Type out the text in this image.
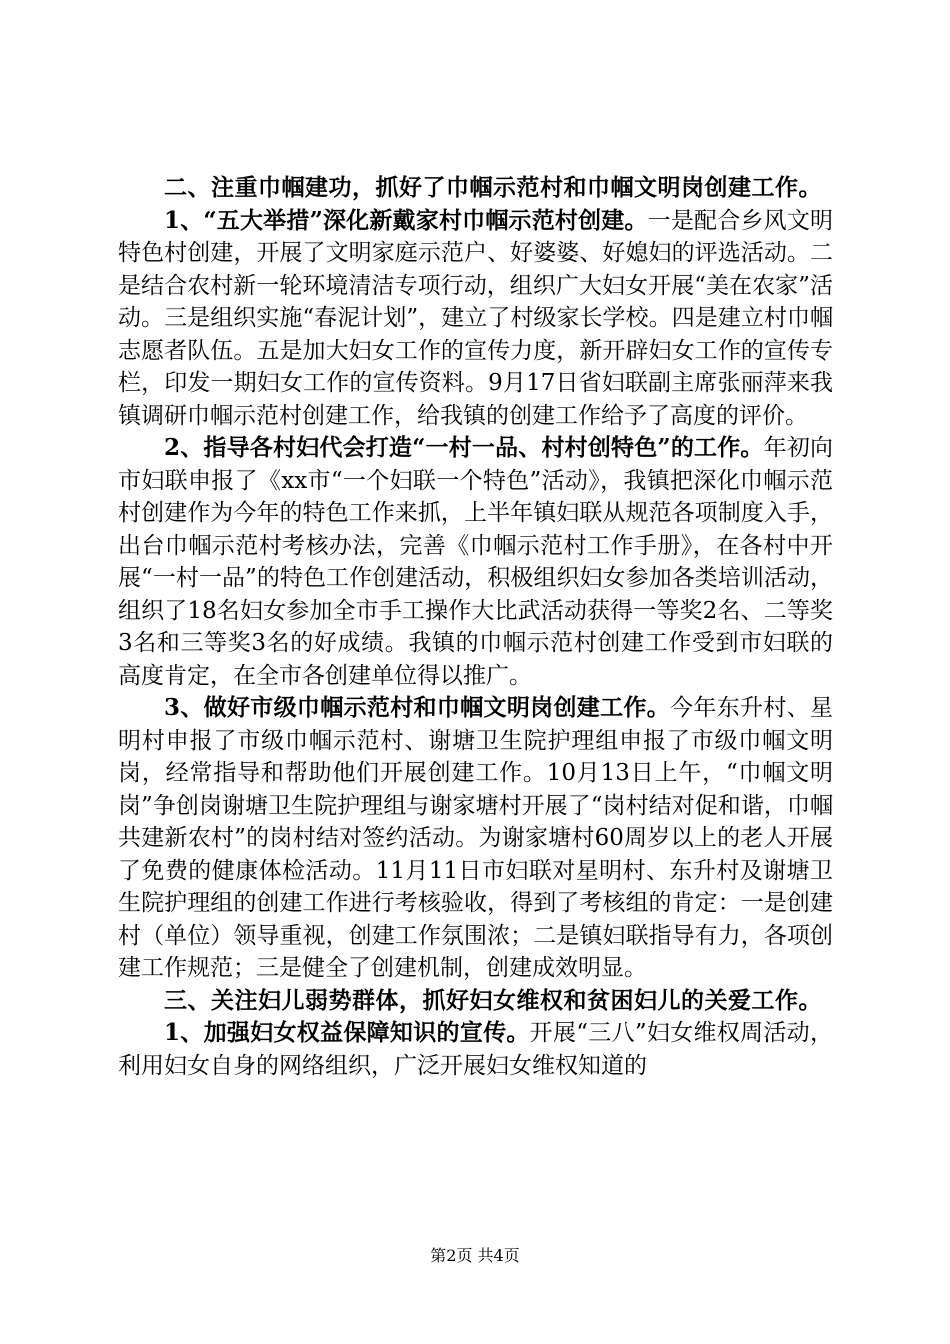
二、注重巾帼建功，抓好了巾帼示范村和巾帼文明岗创建工作。

1、“五大举措”深化新戴家村巾帼示范村创建。一是配合乡风文明特色村创建，开展了文明家庭示范户、好婆婆、好媳妇的评选活动。二是结合农村新一轮环境清洁专项行动，组织广大妇女开展“美在农家”活动。三是组织实施“春泥计划”，建立了村级家长学校。四是建立村巾帼志愿者队伍。五是加大妇女工作的宣传力度，新开辟妇女工作的宣传专栏，印发一期妇女工作的宣传资料。9月17日省妇联副主席张丽萍来我镇调研巾帼示范村创建工作，给我镇的创建工作给予了高度的评价。

2、指导各村妇代会打造“一村一品、村村创特色”的工作。年初向市妇联申报了《xx市“一个妇联一个特色”活动》，我镇把深化巾帼示范村创建作为今年的特色工作来抓，上半年镇妇联从规范各项制度入手，出台巾帼示范村考核办法，完善《巾帼示范村工作手册》，在各村中开展“一村一品”的特色工作创建活动，积极组织妇女参加各类培训活动，组织了18名妇女参加全市手工操作大比武活动获得一等奖2名、二等奖3名和三等奖3名的好成绩。我镇的巾帼示范村创建工作受到市妇联的高度肯定，在全市各创建单位得以推广。

3、做好市级巾帼示范村和巾帼文明岗创建工作。今年东升村、星明村申报了市级巾帼示范村、谢塘卫生院护理组申报了市级巾帼文明岗，经常指导和帮助他们开展创建工作。10月13日上午，“巾帼文明岗”争创岗谢塘卫生院护理组与谢家塘村开展了“岗村结对促和谐，巾帼共建新农村”的岗村结对签约活动。为谢家塘村60周岁以上的老人开展了免费的健康体检活动。11月11日市妇联对星明村、东升村及谢塘卫生院护理组的创建工作进行考核验收，得到了考核组的肯定：一是创建村（单位）领导重视，创建工作氛围浓；二是镇妇联指导有力，各项创建工作规范；三是健全了创建机制，创建成效明显。

三、关注妇儿弱势群体，抓好妇女维权和贫困妇儿的关爱工作。

1、加强妇女权益保障知识的宣传。开展“三八”妇女维权周活动，利用妇女自身的网络组织，广泛开展妇女维权知道的

第2页 共4页
